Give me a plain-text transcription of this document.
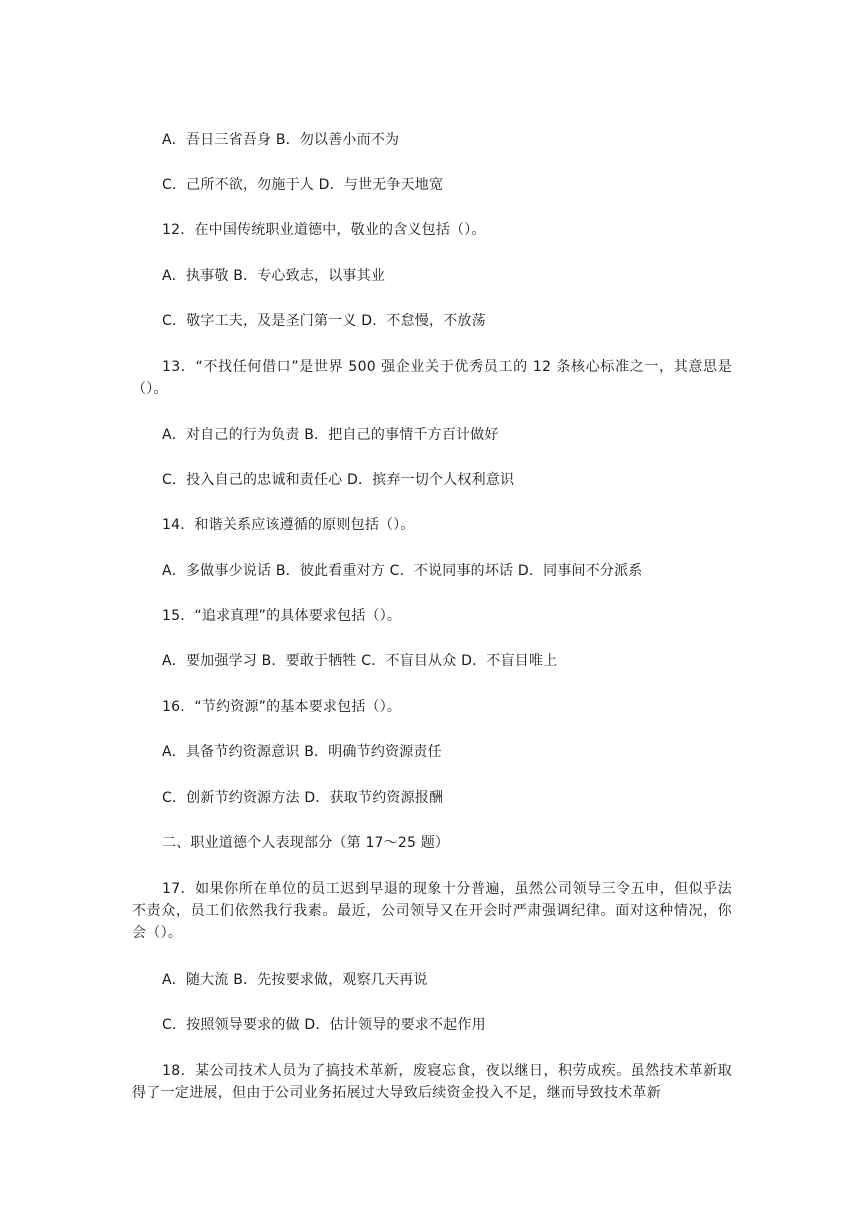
A．吾日三省吾身 B．勿以善小而不为
C．己所不欲，勿施于人 D．与世无争天地宽
12．在中国传统职业道德中，敬业的含义包括（）。
A．执事敬 B．专心致志，以事其业
C．敬字工夫，及是圣门第一义 D．不怠慢，不放荡
13．“不找任何借口”是世界 500 强企业关于优秀员工的 12 条核心标准之一，其意思是（）。
A．对自己的行为负责 B．把自己的事情千方百计做好
C．投入自己的忠诚和责任心 D．摈弃一切个人权利意识
14．和谐关系应该遵循的原则包括（）。
A．多做事少说话 B．彼此看重对方 C．不说同事的坏话 D．同事间不分派系
15．“追求真理”的具体要求包括（）。
A．要加强学习 B．要敢于牺牲 C．不盲目从众 D．不盲目唯上
16．“节约资源”的基本要求包括（）。
A．具备节约资源意识 B．明确节约资源责任
C．创新节约资源方法 D．获取节约资源报酬
二、职业道德个人表现部分（第 17～25 题）
17．如果你所在单位的员工迟到早退的现象十分普遍，虽然公司领导三令五申，但似乎法不责众，员工们依然我行我素。最近，公司领导又在开会时严肃强调纪律。面对这种情况，你会（）。
A．随大流 B．先按要求做，观察几天再说
C．按照领导要求的做 D．估计领导的要求不起作用
18．某公司技术人员为了搞技术革新，废寝忘食，夜以继日，积劳成疾。虽然技术革新取得了一定进展，但由于公司业务拓展过大导致后续资金投入不足，继而导致技术革新
